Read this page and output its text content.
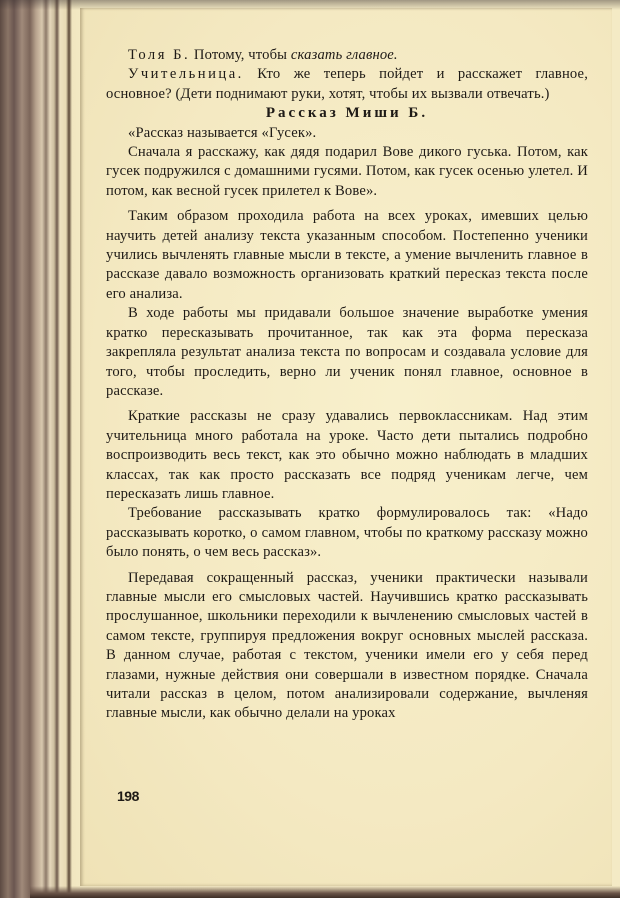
Толя Б. Потому, чтобы сказать главное.

Учительница. Кто же теперь пойдет и расскажет главное, основное? (Дети поднимают руки, хотят, чтобы их вызвали отвечать.)

Рассказ Миши Б.

«Рассказ называется «Гусек».

Сначала я расскажу, как дядя подарил Вове дикого гуська. Потом, как гусек подружился с домашними гусями. Потом, как гусек осенью улетел. И потом, как весной гусек прилетел к Вове».

Таким образом проходила работа на всех уроках, имевших целью научить детей анализу текста указанным способом. Постепенно ученики учились вычленять главные мысли в тексте, а умение вычленить главное в рассказе давало возможность организовать краткий пересказ текста после его анализа.

В ходе работы мы придавали большое значение выработке умения кратко пересказывать прочитанное, так как эта форма пересказа закрепляла результат анализа текста по вопросам и создавала условие для того, чтобы проследить, верно ли ученик понял главное, основное в рассказе.

Краткие рассказы не сразу удавались первоклассникам. Над этим учительница много работала на уроке. Часто дети пытались подробно воспроизводить весь текст, как это обычно можно наблюдать в младших классах, так как просто рассказать все подряд ученикам легче, чем пересказать лишь главное.

Требование рассказывать кратко формулировалось так: «Надо рассказывать коротко, о самом главном, чтобы по краткому рассказу можно было понять, о чем весь рассказ».

Передавая сокращенный рассказ, ученики практически называли главные мысли его смысловых частей. Научившись кратко рассказывать прослушанное, школьники переходили к вычленению смысловых частей в самом тексте, группируя предложения вокруг основных мыслей рассказа. В данном случае, работая с текстом, ученики имели его у себя перед глазами, нужные действия они совершали в известном порядке. Сначала читали рассказ в целом, потом анализировали содержание, вычленяя главные мысли, как обычно делали на уроках

198
